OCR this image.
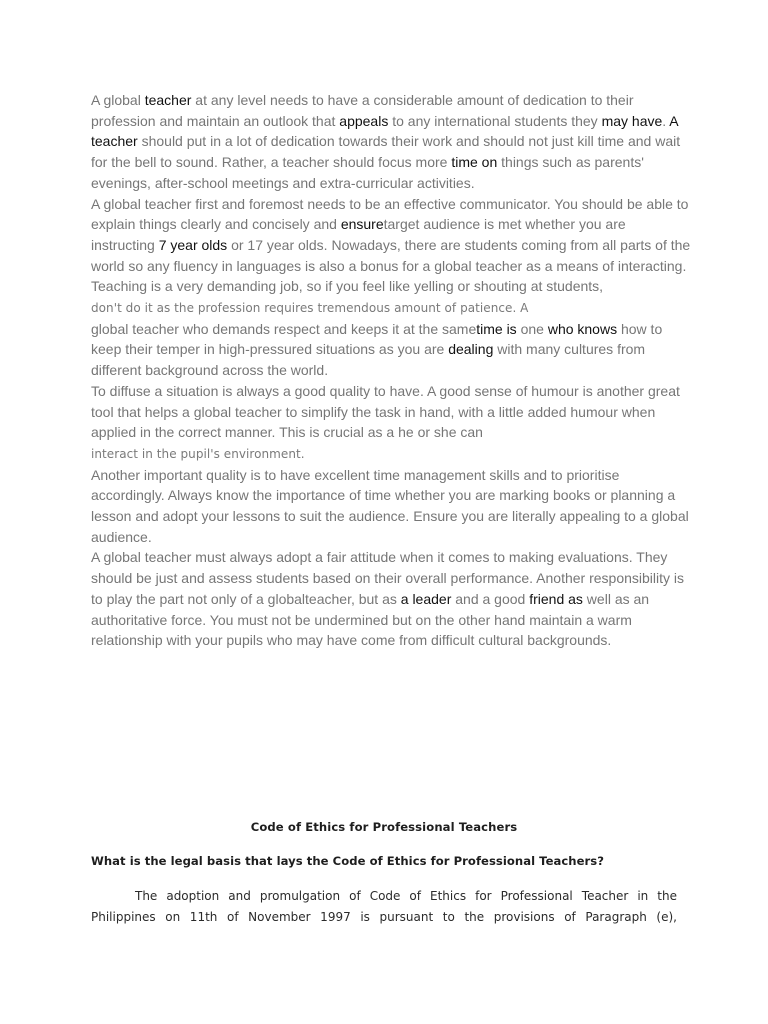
A global teacher at any level needs to have a considerable amount of dedication to their profession and maintain an outlook that appeals to any international students they may have. A teacher should put in a lot of dedication towards their work and should not just kill time and wait for the bell to sound. Rather, a teacher should focus more time on things such as parents' evenings, after-school meetings and extra-curricular activities.

A global teacher first and foremost needs to be an effective communicator. You should be able to explain things clearly and concisely and ensuretarget audience is met whether you are instructing 7 year olds or 17 year olds. Nowadays, there are students coming from all parts of the world so any fluency in languages is also a bonus for a global teacher as a means of interacting.

Teaching is a very demanding job, so if you feel like yelling or shouting at students,
don't do it as the profession requires tremendous amount of patience. A
global teacher who demands respect and keeps it at the sametime is one who knows how to keep their temper in high-pressured situations as you are dealing with many cultures from different background across the world.

To diffuse a situation is always a good quality to have. A good sense of humour is another great tool that helps a global teacher to simplify the task in hand, with a little added humour when applied in the correct manner. This is crucial as a he or she can
interact in the pupil's environment.

Another important quality is to have excellent time management skills and to prioritise accordingly. Always know the importance of time whether you are marking books or planning a lesson and adopt your lessons to suit the audience. Ensure you are literally appealing to a global audience.

A global teacher must always adopt a fair attitude when it comes to making evaluations. They should be just and assess students based on their overall performance. Another responsibility is to play the part not only of a globalteacher, but as a leader and a good friend as well as an authoritative force. You must not be undermined but on the other hand maintain a warm relationship with your pupils who may have come from difficult cultural backgrounds.

Code of Ethics for Professional Teachers
What is the legal basis that lays the Code of Ethics for Professional Teachers?
The adoption and promulgation of Code of Ethics for Professional Teacher in the
Philippines on 11th of November 1997 is pursuant to the provisions of Paragraph (e),
